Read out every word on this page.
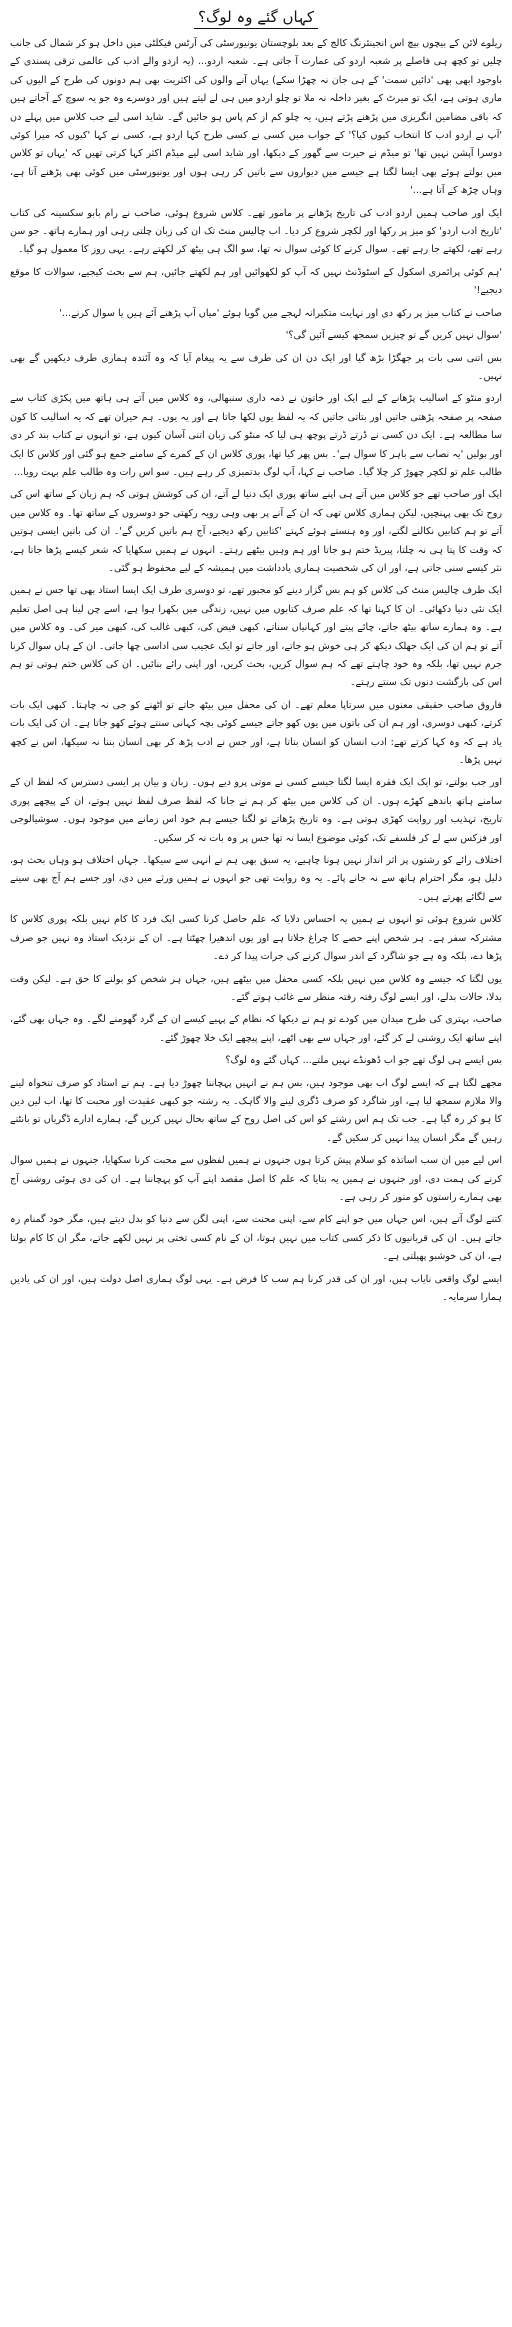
کہاں گئے وہ لوگ؟

ریلوے لائن کے بیچوں بیچ اس انجینئرنگ کالج کے بعد بلوچستان یونیورسٹی کی آرٹس فیکلٹی میں داخل ہو کر شمال کی جانب چلیں تو کچھ ہی فاصلے پر شعبہ اردو کی عمارت آ جاتی ہے۔ شعبہ اردو... (یہ اردو والے ادب کی عالمی ترقی پسندی کے باوجود ابھی بھی 'دائیں سمت' کے ہی جان نہ چھڑا سکے) یہاں آنے والوں کی اکثریت بھی ہم دونوں کی طرح کے الیوں کی ماری ہوتی ہے، ایک تو میرٹ کے بغیر داخلہ نہ ملا تو چلو اردو میں ہی لے لیتے ہیں اور دوسرے وہ جو یہ سوچ کے آجاتے ہیں کہ باقی مضامین انگریزی میں پڑھنے پڑتے ہیں، یہ چلو کم از کم پاس ہو جائیں گے۔ شاید اسی لیے جب کلاس میں پہلے دن 'آپ نے اردو ادب کا انتخاب کیوں کیا؟' کے جواب میں کسی نے کسی طرح کہا اردو ہے، کسی نے کہا 'کیوں کہ میرا کوئی دوسرا آپشن نہیں تھا' تو میڈم نے حیرت سے گھور کے دیکھا، اور شاید اسی لیے میڈم اکثر کہا کرتی تھیں کہ 'یہاں تو کلاس میں بولتے ہوئے بھی ایسا لگتا ہے جیسے میں دیواروں سے باتیں کر رہی ہوں اور یونیورسٹی میں کوئی بھی پڑھنے آتا ہے، وہاں چڑھ کے آتا ہے...'

ایک اور صاحب ہمیں اردو ادب کی تاریخ پڑھانے پر مامور تھے۔ کلاس شروع ہوئی، صاحب نے رام بابو سکسینہ کی کتاب 'تاریخ ادب اردو' کو میز پر رکھا اور لکچر شروع کر دیا۔ اب چالیس منٹ تک ان کی زبان چلتی رہی اور ہمارے ہاتھ۔ جو سن رہے تھے، لکھتے جا رہے تھے۔ سوال کرنے کا کوئی سوال نہ تھا، سو الگ ہی بیٹھ کر لکھتے رہے۔ یہی روز کا معمول ہو گیا۔

'ہم کوئی پرائمری اسکول کے اسٹوڈنٹ نہیں کہ آپ کو لکھوائیں اور ہم لکھتے جائیں، ہم سے بحث کیجیے، سوالات کا موقع دیجیے!'

صاحب نے کتاب میز پر رکھ دی اور نہایت متکبرانہ لہجے میں گویا ہوئے 'میاں آپ پڑھنے آئے ہیں یا سوال کرنے...'

'سوال نہیں کریں گے تو چیزیں سمجھ کیسے آئیں گی؟'

بس اتنی سی بات پر جھگڑا بڑھ گیا اور ایک دن ان کی طرف سے یہ پیغام آیا کہ وہ آئندہ ہماری طرف دیکھیں گے بھی نہیں۔

اردو منٹو کے اسالیب پڑھانے کے لیے ایک اور خاتون نے ذمہ داری سنبھالی، وہ کلاس میں آتے ہی ہاتھ میں پکڑی کتاب سے صفحہ پر صفحہ پڑھتی جاتیں اور بتاتی جاتیں کہ یہ لفظ یوں لکھا جاتا ہے اور یہ یوں۔ ہم حیران تھے کہ یہ اسالیب کا کون سا مطالعہ ہے۔ ایک دن کسی نے ڈرتے ڈرتے پوچھ ہی لیا کہ منٹو کی زبان اتنی آسان کیوں ہے، تو انہوں نے کتاب بند کر دی اور بولیں 'یہ نصاب سے باہر کا سوال ہے'۔ بس پھر کیا تھا، پوری کلاس ان کے کمرے کے سامنے جمع ہو گئی اور کلاس کا ایک طالب علم تو لکچر چھوڑ کر چلا گیا۔ صاحب نے کہا، آپ لوگ بدتمیزی کر رہے ہیں۔ سو اس رات وہ طالب علم بہت رویا...

ایک اور صاحب تھے جو کلاس میں آتے ہی اپنے ساتھ پوری ایک دنیا لے آتے، ان کی کوشش ہوتی کہ ہم زبان کے ساتھ اس کی روح تک بھی پہنچیں، لیکن ہماری کلاس تھی کہ ان کے آنے پر بھی وہی رویہ رکھتی جو دوسروں کے ساتھ تھا۔ وہ کلاس میں آتے تو ہم کتابیں نکالنے لگتے، اور وہ ہنستے ہوئے کہتے 'کتابیں رکھ دیجیے، آج ہم باتیں کریں گے'۔ ان کی باتیں ایسی ہوتیں کہ وقت کا پتا ہی نہ چلتا، پیریڈ ختم ہو جاتا اور ہم وہیں بیٹھے رہتے۔ انہوں نے ہمیں سکھایا کہ شعر کیسے پڑھا جاتا ہے، نثر کیسے سنی جاتی ہے، اور ان کی شخصیت ہماری یادداشت میں ہمیشہ کے لیے محفوظ ہو گئی۔

ایک طرف چالیس منٹ کی کلاس کو ہم بس گزار دینے کو مجبور تھے، تو دوسری طرف ایک ایسا استاد بھی تھا جس نے ہمیں ایک نئی دنیا دکھائی۔ ان کا کہنا تھا کہ علم صرف کتابوں میں نہیں، زندگی میں بکھرا ہوا ہے، اسے چن لینا ہی اصل تعلیم ہے۔ وہ ہمارے ساتھ بیٹھ جاتے، چائے پیتے اور کہانیاں سناتے، کبھی فیض کی، کبھی غالب کی، کبھی میر کی۔ وہ کلاس میں آتے تو ہم ان کی ایک جھلک دیکھ کر ہی خوش ہو جاتے، اور جاتے تو ایک عجیب سی اداسی چھا جاتی۔ ان کے ہاں سوال کرنا جرم نہیں تھا، بلکہ وہ خود چاہتے تھے کہ ہم سوال کریں، بحث کریں، اور اپنی رائے بنائیں۔ ان کی کلاس ختم ہوتی تو ہم اس کی بازگشت دنوں تک سنتے رہتے۔

فاروق صاحب حقیقی معنوں میں سرتاپا معلم تھے۔ ان کی محفل میں بیٹھ جاتے تو اٹھنے کو جی نہ چاہتا۔ کبھی ایک بات کرتے، کبھی دوسری، اور ہم ان کی باتوں میں یوں کھو جاتے جیسے کوئی بچہ کہانی سنتے ہوئے کھو جاتا ہے۔ ان کی ایک بات یاد ہے کہ وہ کہا کرتے تھے: ادب انسان کو انسان بناتا ہے، اور جس نے ادب پڑھ کر بھی انسان بننا نہ سیکھا، اس نے کچھ نہیں پڑھا۔

اور جب بولتے، تو ایک ایک فقرہ ایسا لگتا جیسے کسی نے موتی پرو دیے ہوں۔ زبان و بیان پر ایسی دسترس کہ لفظ ان کے سامنے ہاتھ باندھے کھڑے ہوں۔ ان کی کلاس میں بیٹھ کر ہم نے جانا کہ لفظ صرف لفظ نہیں ہوتے، ان کے پیچھے پوری تاریخ، تہذیب اور روایت کھڑی ہوتی ہے۔ وہ تاریخ پڑھاتے تو لگتا جیسے ہم خود اس زمانے میں موجود ہوں۔ سوشیالوجی اور فزکس سے لے کر فلسفے تک، کوئی موضوع ایسا نہ تھا جس پر وہ بات نہ کر سکیں۔

اختلاف رائے کو رشتوں پر اثر انداز نہیں ہونا چاہیے، یہ سبق بھی ہم نے انہی سے سیکھا۔ جہاں اختلاف ہو وہاں بحث ہو، دلیل ہو، مگر احترام ہاتھ سے نہ جانے پائے۔ یہ وہ روایت تھی جو انہوں نے ہمیں ورثے میں دی، اور جسے ہم آج بھی سینے سے لگائے پھرتے ہیں۔

کلاس شروع ہوئی تو انہوں نے ہمیں یہ احساس دلایا کہ علم حاصل کرنا کسی ایک فرد کا کام نہیں بلکہ پوری کلاس کا مشترکہ سفر ہے۔ ہر شخص اپنے حصے کا چراغ جلاتا ہے اور یوں اندھیرا چھٹتا ہے۔ ان کے نزدیک استاد وہ نہیں جو صرف پڑھا دے، بلکہ وہ ہے جو شاگرد کے اندر سوال کرنے کی جرات پیدا کر دے۔

یوں لگتا کہ جیسے وہ کلاس میں نہیں بلکہ کسی محفل میں بیٹھے ہیں، جہاں ہر شخص کو بولنے کا حق ہے۔ لیکن وقت بدلا، حالات بدلے، اور ایسے لوگ رفتہ رفتہ منظر سے غائب ہوتے گئے۔

صاحب، بہتری کی طرح میدان میں کودے تو ہم نے دیکھا کہ نظام کے پہیے کیسے ان کے گرد گھومنے لگے۔ وہ جہاں بھی گئے، اپنے ساتھ ایک روشنی لے کر گئے، اور جہاں سے بھی اٹھے، اپنے پیچھے ایک خلا چھوڑ گئے۔

بس ایسے ہی لوگ تھے جو اب ڈھونڈے نہیں ملتے... کہاں گئے وہ لوگ؟

مجھے لگتا ہے کہ ایسے لوگ اب بھی موجود ہیں، بس ہم نے انہیں پہچاننا چھوڑ دیا ہے۔ ہم نے استاد کو صرف تنخواہ لینے والا ملازم سمجھ لیا ہے، اور شاگرد کو صرف ڈگری لینے والا گاہک۔ یہ رشتہ جو کبھی عقیدت اور محبت کا تھا، اب لین دین کا ہو کر رہ گیا ہے۔ جب تک ہم اس رشتے کو اس کی اصل روح کے ساتھ بحال نہیں کریں گے، ہمارے ادارے ڈگریاں تو بانٹتے رہیں گے مگر انسان پیدا نہیں کر سکیں گے۔

اس لیے میں ان سب اساتذہ کو سلام پیش کرتا ہوں جنہوں نے ہمیں لفظوں سے محبت کرنا سکھایا، جنہوں نے ہمیں سوال کرنے کی ہمت دی، اور جنہوں نے ہمیں یہ بتایا کہ علم کا اصل مقصد اپنے آپ کو پہچاننا ہے۔ ان کی دی ہوئی روشنی آج بھی ہمارے راستوں کو منور کر رہی ہے۔

کتنے لوگ آتے ہیں، اس جہاں میں جو اپنے کام سے، اپنی محنت سے، اپنی لگن سے دنیا کو بدل دیتے ہیں، مگر خود گمنام رہ جاتے ہیں۔ ان کی قربانیوں کا ذکر کسی کتاب میں نہیں ہوتا، ان کے نام کسی تختی پر نہیں لکھے جاتے، مگر ان کا کام بولتا ہے، ان کی خوشبو پھیلتی ہے۔

ایسے لوگ واقعی نایاب ہیں، اور ان کی قدر کرنا ہم سب کا فرض ہے۔ یہی لوگ ہماری اصل دولت ہیں، اور ان کی یادیں ہمارا سرمایہ۔
